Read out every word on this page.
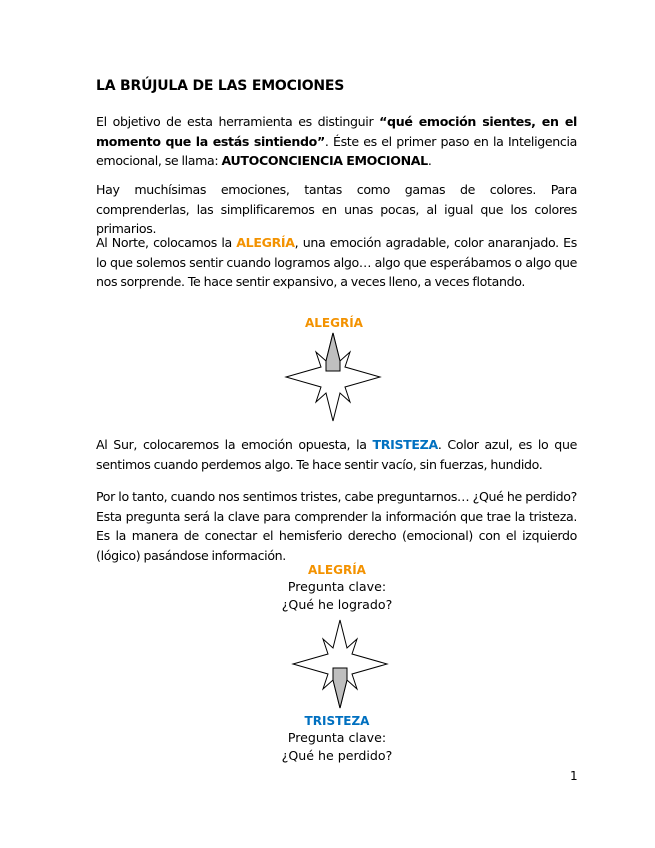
LA BRÚJULA DE LAS EMOCIONES

El objetivo de esta herramienta es distinguir “qué emoción sientes, en el momento que la estás sintiendo”. Éste es el primer paso en la Inteligencia emocional, se llama: AUTOCONCIENCIA EMOCIONAL.

Hay muchísimas emociones, tantas como gamas de colores. Para comprenderlas, las simplificaremos en unas pocas, al igual que los colores primarios.

Al Norte, colocamos la ALEGRÍA, una emoción agradable, color anaranjado. Es lo que solemos sentir cuando logramos algo… algo que esperábamos o algo que nos sorprende. Te hace sentir expansivo, a veces lleno, a veces flotando.

ALEGRÍA

Al Sur, colocaremos la emoción opuesta, la TRISTEZA. Color azul, es lo que sentimos cuando perdemos algo. Te hace sentir vacío, sin fuerzas, hundido.

Por lo tanto, cuando nos sentimos tristes, cabe preguntarnos… ¿Qué he perdido? Esta pregunta será la clave para comprender la información que trae la tristeza. Es la manera de conectar el hemisferio derecho (emocional) con el izquierdo (lógico) pasándose información.

ALEGRÍA
Pregunta clave:
¿Qué he logrado?
TRISTEZA
Pregunta clave:
¿Qué he perdido?
1
